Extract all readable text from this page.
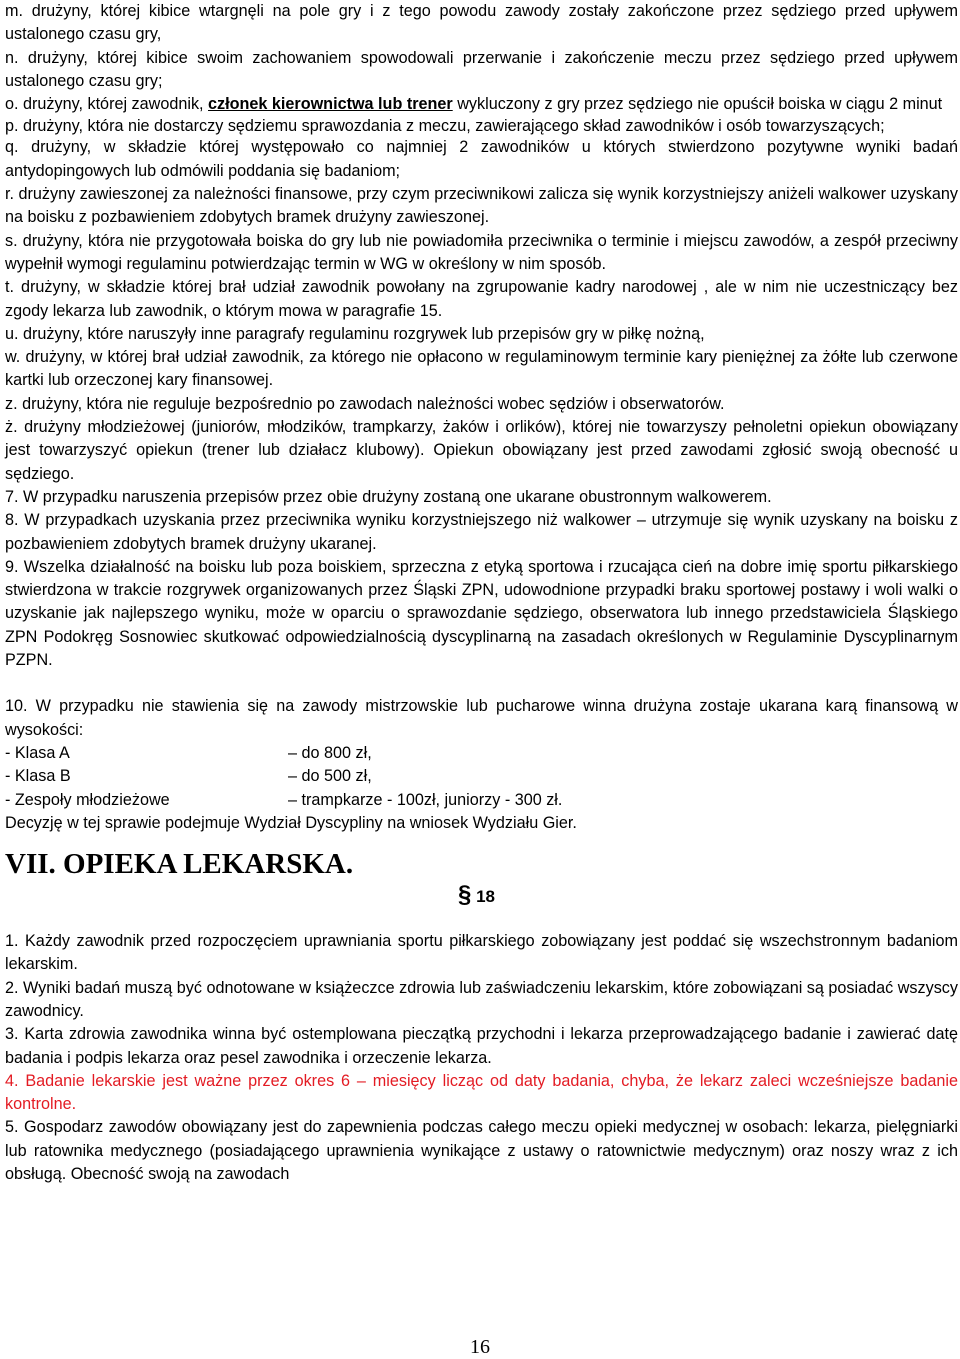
m. drużyny, której kibice wtargnęli na pole gry i z tego powodu zawody zostały zakończone przez sędziego przed upływem ustalonego czasu gry,

n. drużyny, której kibice swoim zachowaniem spowodowali przerwanie i zakończenie meczu przez sędziego przed upływem ustalonego czasu gry;

o. drużyny, której zawodnik, członek kierownictwa lub trener wykluczony z gry przez sędziego nie opuścił boiska w ciągu 2 minut

p. drużyny, która nie dostarczy sędziemu sprawozdania z meczu, zawierającego skład zawodników i osób towarzyszących;

q. drużyny, w składzie której występowało co najmniej 2 zawodników u których stwierdzono pozytywne wyniki badań antydopingowych lub odmówili poddania się badaniom;

r. drużyny zawieszonej za należności finansowe, przy czym przeciwnikowi zalicza się wynik korzystniejszy aniżeli walkower uzyskany na boisku z pozbawieniem zdobytych bramek drużyny zawieszonej.

s. drużyny, która nie przygotowała boiska do gry lub nie powiadomiła przeciwnika o terminie i miejscu zawodów, a zespół przeciwny wypełnił wymogi regulaminu potwierdzając termin w WG w określony w nim sposób.

t. drużyny, w składzie której brał udział zawodnik powołany na zgrupowanie kadry narodowej , ale w nim nie uczestniczący bez zgody lekarza lub zawodnik, o którym mowa w paragrafie 15.

u. drużyny, które naruszyły inne paragrafy regulaminu rozgrywek lub przepisów gry w piłkę nożną,

w. drużyny, w której brał udział zawodnik, za którego nie opłacono w regulaminowym terminie kary pieniężnej za żółte lub czerwone kartki lub orzeczonej kary finansowej.

z. drużyny, która nie reguluje bezpośrednio po zawodach należności wobec sędziów i obserwatorów.

ż. drużyny młodzieżowej (juniorów, młodzików, trampkarzy, żaków i orlików), której nie towarzyszy pełnoletni opiekun obowiązany jest towarzyszyć opiekun (trener lub działacz klubowy). Opiekun obowiązany jest przed zawodami zgłosić swoją obecność u sędziego.

7. W przypadku naruszenia przepisów przez obie drużyny zostaną one ukarane obustronnym walkowerem.

8. W przypadkach uzyskania przez przeciwnika wyniku korzystniejszego niż walkower – utrzymuje się wynik uzyskany na boisku z pozbawieniem zdobytych bramek drużyny ukaranej.

9. Wszelka działalność na boisku lub poza boiskiem, sprzeczna z etyką sportowa i rzucająca cień na dobre imię sportu piłkarskiego stwierdzona w trakcie rozgrywek organizowanych przez Śląski ZPN, udowodnione przypadki braku sportowej postawy i woli walki o uzyskanie jak najlepszego wyniku, może w oparciu o sprawozdanie sędziego, obserwatora lub innego przedstawiciela Śląskiego ZPN Podokręg Sosnowiec skutkować odpowiedzialnością dyscyplinarną na zasadach określonych w Regulaminie Dyscyplinarnym PZPN.

10. W przypadku nie stawienia się na zawody mistrzowskie lub pucharowe winna drużyna zostaje ukarana karą finansową w wysokości:

- Klasa A	– do 800 zł,
- Klasa B	– do 500 zł,
- Zespoły młodzieżowe	– trampkarze - 100zł, juniorzy - 300 zł.

Decyzję w tej sprawie podejmuje Wydział Dyscypliny na wniosek Wydziału Gier.

VII. OPIEKA LEKARSKA.
§ 18

1. Każdy zawodnik przed rozpoczęciem uprawniania sportu piłkarskiego zobowiązany jest poddać się wszechstronnym badaniom lekarskim.

2. Wyniki badań muszą być odnotowane w książeczce zdrowia lub zaświadczeniu lekarskim, które zobowiązani są posiadać wszyscy zawodnicy.

3. Karta zdrowia zawodnika winna być ostemplowana pieczątką przychodni i lekarza przeprowadzającego badanie i zawierać datę badania i podpis lekarza oraz pesel zawodnika i orzeczenie lekarza.

4. Badanie lekarskie jest ważne przez okres 6 – miesięcy licząc od daty badania, chyba, że lekarz zaleci wcześniejsze badanie kontrolne.

5. Gospodarz zawodów obowiązany jest do zapewnienia podczas całego meczu opieki medycznej w osobach: lekarza, pielęgniarki lub ratownika medycznego (posiadającego uprawnienia wynikające z ustawy o ratownictwie medycznym) oraz noszy wraz z ich obsługą. Obecność swoją na zawodach

16
